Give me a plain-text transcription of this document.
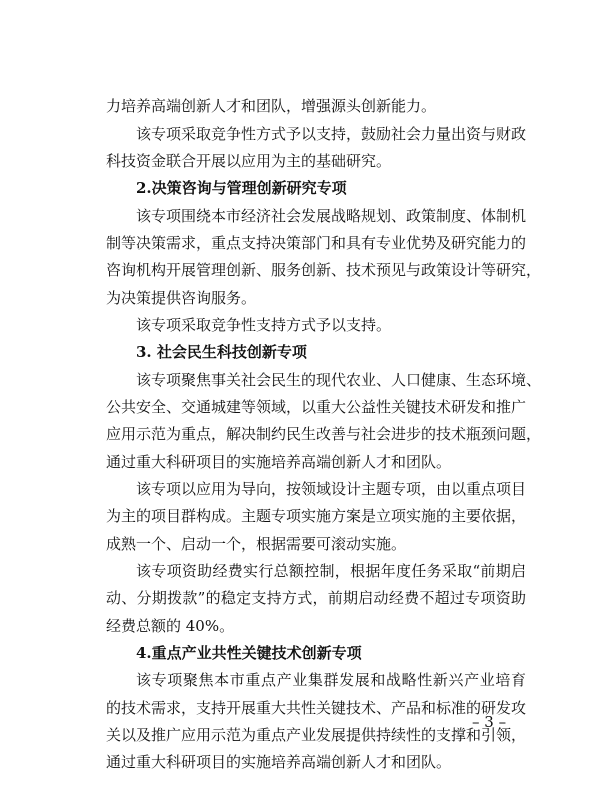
力培养高端创新人才和团队，增强源头创新能力。
该专项采取竞争性方式予以支持，鼓励社会力量出资与财政
科技资金联合开展以应用为主的基础研究。
2.决策咨询与管理创新研究专项
该专项围绕本市经济社会发展战略规划、政策制度、体制机
制等决策需求，重点支持决策部门和具有专业优势及研究能力的
咨询机构开展管理创新、服务创新、技术预见与政策设计等研究，
为决策提供咨询服务。
该专项采取竞争性支持方式予以支持。
3. 社会民生科技创新专项
该专项聚焦事关社会民生的现代农业、人口健康、生态环境、
公共安全、交通城建等领域，以重大公益性关键技术研发和推广
应用示范为重点，解决制约民生改善与社会进步的技术瓶颈问题，
通过重大科研项目的实施培养高端创新人才和团队。
该专项以应用为导向，按领域设计主题专项，由以重点项目
为主的项目群构成。主题专项实施方案是立项实施的主要依据，
成熟一个、启动一个，根据需要可滚动实施。
该专项资助经费实行总额控制，根据年度任务采取“前期启
动、分期拨款”的稳定支持方式，前期启动经费不超过专项资助
经费总额的 40%。
4.重点产业共性关键技术创新专项
该专项聚焦本市重点产业集群发展和战略性新兴产业培育
的技术需求，支持开展重大共性关键技术、产品和标准的研发攻
关以及推广应用示范为重点产业发展提供持续性的支撑和引领，
通过重大科研项目的实施培养高端创新人才和团队。
– 3 –
